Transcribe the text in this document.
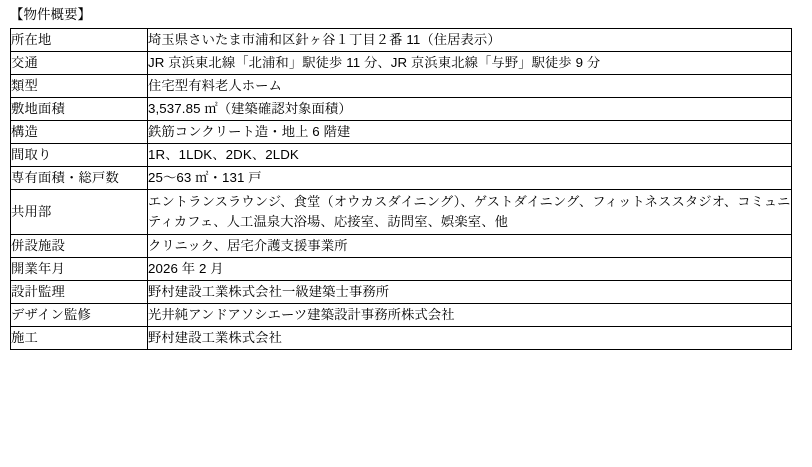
【物件概要】
所在地	埼玉県さいたま市浦和区針ヶ谷１丁目２番 11（住居表示）
交通	JR 京浜東北線「北浦和」駅徒歩 11 分、JR 京浜東北線「与野」駅徒歩 9 分
類型	住宅型有料老人ホーム
敷地面積	3,537.85 ㎡（建築確認対象面積）
構造	鉄筋コンクリート造・地上 6 階建
間取り	1R、1LDK、2DK、2LDK
専有面積・総戸数	25〜63 ㎡・131 戸
共用部	エントランスラウンジ、食堂（オウカスダイニング）、ゲストダイニング、フィットネススタジオ、コミュニティカフェ、人工温泉大浴場、応接室、訪問室、娯楽室、他
併設施設	クリニック、居宅介護支援事業所
開業年月	2026 年 2 月
設計監理	野村建設工業株式会社一級建築士事務所
デザイン監修	光井純アンドアソシエーツ建築設計事務所株式会社
施工	野村建設工業株式会社
